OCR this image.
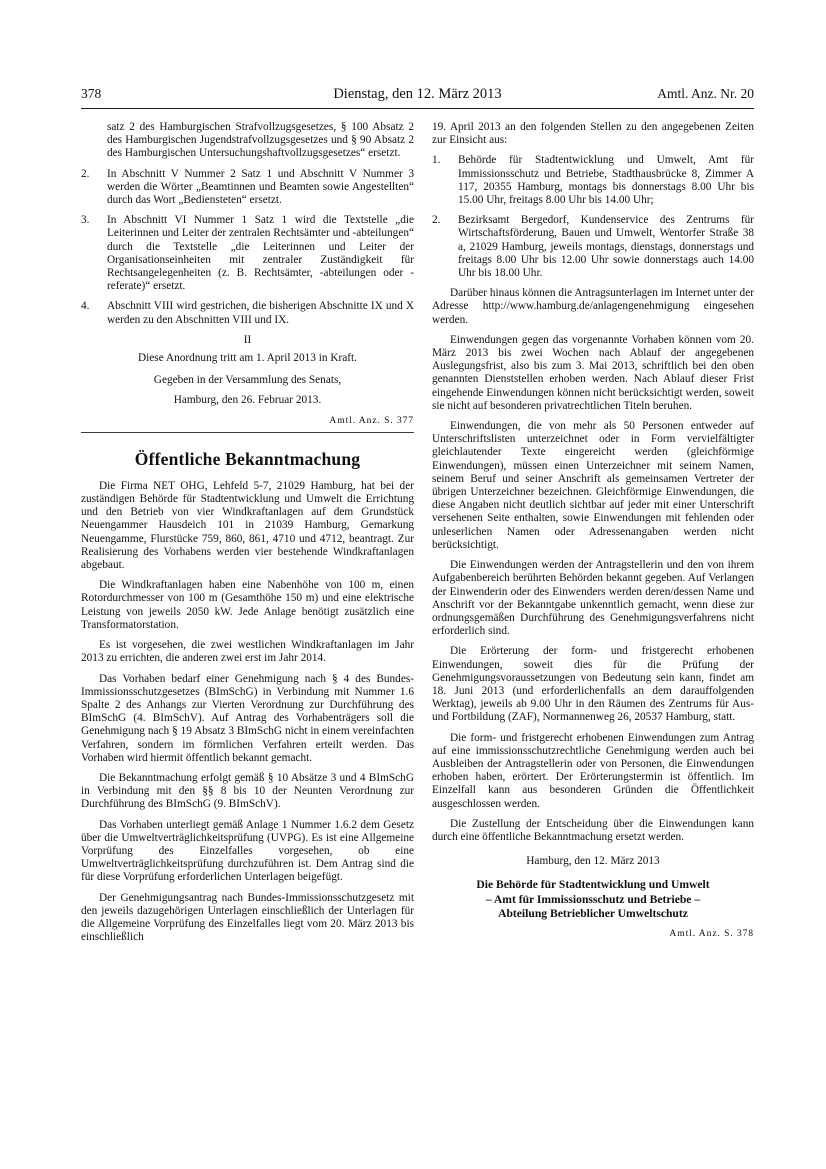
378	Dienstag, den 12. März 2013	Amtl. Anz. Nr. 20

satz 2 des Hamburgischen Strafvollzugsgesetzes, § 100 Absatz 2 des Hamburgischen Jugendstrafvollzugsgesetzes und § 90 Absatz 2 des Hamburgischen Untersuchungshaftvollzugsgesetzes“ ersetzt.

2. In Abschnitt V Nummer 2 Satz 1 und Abschnitt V Nummer 3 werden die Wörter „Beamtinnen und Beamten sowie Angestellten“ durch das Wort „Bediensteten“ ersetzt.
3. In Abschnitt VI Nummer 1 Satz 1 wird die Textstelle „die Leiterinnen und Leiter der zentralen Rechtsämter und -abteilungen“ durch die Textstelle „die Leiterinnen und Leiter der Organisationseinheiten mit zentraler Zuständigkeit für Rechtsangelegenheiten (z. B. Rechtsämter, -abteilungen oder -referate)“ ersetzt.
4. Abschnitt VIII wird gestrichen, die bisherigen Abschnitte IX und X werden zu den Abschnitten VIII und IX.

II

Diese Anordnung tritt am 1. April 2013 in Kraft.

Gegeben in der Versammlung des Senats,

Hamburg, den 26. Februar 2013.

Amtl. Anz. S. 377

Öffentliche Bekanntmachung

Die Firma NET OHG, Lehfeld 5-7, 21029 Hamburg, hat bei der zuständigen Behörde für Stadtentwicklung und Umwelt die Errichtung und den Betrieb von vier Windkraftanlagen auf dem Grundstück Neuengammer Hausdeich 101 in 21039 Hamburg, Gemarkung Neuengamme, Flurstücke 759, 860, 861, 4710 und 4712, beantragt. Zur Realisierung des Vorhabens werden vier bestehende Windkraftanlagen abgebaut.

Die Windkraftanlagen haben eine Nabenhöhe von 100 m, einen Rotordurchmesser von 100 m (Gesamthöhe 150 m) und eine elektrische Leistung von jeweils 2050 kW. Jede Anlage benötigt zusätzlich eine Transformatorstation.

Es ist vorgesehen, die zwei westlichen Windkraftanlagen im Jahr 2013 zu errichten, die anderen zwei erst im Jahr 2014.

Das Vorhaben bedarf einer Genehmigung nach § 4 des Bundes-Immissionsschutzgesetzes (BImSchG) in Verbindung mit Nummer 1.6 Spalte 2 des Anhangs zur Vierten Verordnung zur Durchführung des BImSchG (4. BImSchV). Auf Antrag des Vorhabenträgers soll die Genehmigung nach § 19 Absatz 3 BImSchG nicht in einem vereinfachten Verfahren, sondern im förmlichen Verfahren erteilt werden. Das Vorhaben wird hiermit öffentlich bekannt gemacht.

Die Bekanntmachung erfolgt gemäß § 10 Absätze 3 und 4 BImSchG in Verbindung mit den §§ 8 bis 10 der Neunten Verordnung zur Durchführung des BImSchG (9. BImSchV).

Das Vorhaben unterliegt gemäß Anlage 1 Nummer 1.6.2 dem Gesetz über die Umweltverträglichkeitsprüfung (UVPG). Es ist eine Allgemeine Vorprüfung des Einzelfalles vorgesehen, ob eine Umweltverträglichkeitsprüfung durchzuführen ist. Dem Antrag sind die für diese Vorprüfung erforderlichen Unterlagen beigefügt.

Der Genehmigungsantrag nach Bundes-Immissionsschutzgesetz mit den jeweils dazugehörigen Unterlagen einschließlich der Unterlagen für die Allgemeine Vorprüfung des Einzelfalles liegt vom 20. März 2013 bis einschließlich

19. April 2013 an den folgenden Stellen zu den angegebenen Zeiten zur Einsicht aus:

1. Behörde für Stadtentwicklung und Umwelt, Amt für Immissionsschutz und Betriebe, Stadthausbrücke 8, Zimmer A 117, 20355 Hamburg, montags bis donnerstags 8.00 Uhr bis 15.00 Uhr, freitags 8.00 Uhr bis 14.00 Uhr;
2. Bezirksamt Bergedorf, Kundenservice des Zentrums für Wirtschaftsförderung, Bauen und Umwelt, Wentorfer Straße 38 a, 21029 Hamburg, jeweils montags, dienstags, donnerstags und freitags 8.00 Uhr bis 12.00 Uhr sowie donnerstags auch 14.00 Uhr bis 18.00 Uhr.

Darüber hinaus können die Antragsunterlagen im Internet unter der Adresse http://www.hamburg.de/anlagengenehmigung eingesehen werden.

Einwendungen gegen das vorgenannte Vorhaben können vom 20. März 2013 bis zwei Wochen nach Ablauf der angegebenen Auslegungsfrist, also bis zum 3. Mai 2013, schriftlich bei den oben genannten Dienststellen erhoben werden. Nach Ablauf dieser Frist eingehende Einwendungen können nicht berücksichtigt werden, soweit sie nicht auf besonderen privatrechtlichen Titeln beruhen.

Einwendungen, die von mehr als 50 Personen entweder auf Unterschriftslisten unterzeichnet oder in Form vervielfältigter gleichlautender Texte eingereicht werden (gleichförmige Einwendungen), müssen einen Unterzeichner mit seinem Namen, seinem Beruf und seiner Anschrift als gemeinsamen Vertreter der übrigen Unterzeichner bezeichnen. Gleichförmige Einwendungen, die diese Angaben nicht deutlich sichtbar auf jeder mit einer Unterschrift versehenen Seite enthalten, sowie Einwendungen mit fehlenden oder unleserlichen Namen oder Adressenangaben werden nicht berücksichtigt.

Die Einwendungen werden der Antragstellerin und den von ihrem Aufgabenbereich berührten Behörden bekannt gegeben. Auf Verlangen der Einwenderin oder des Einwenders werden deren/dessen Name und Anschrift vor der Bekanntgabe unkenntlich gemacht, wenn diese zur ordnungsgemäßen Durchführung des Genehmigungsverfahrens nicht erforderlich sind.

Die Erörterung der form- und fristgerecht erhobenen Einwendungen, soweit dies für die Prüfung der Genehmigungsvoraussetzungen von Bedeutung sein kann, findet am 18. Juni 2013 (und erforderlichenfalls an dem darauffolgenden Werktag), jeweils ab 9.00 Uhr in den Räumen des Zentrums für Aus- und Fortbildung (ZAF), Normannenweg 26, 20537 Hamburg, statt.

Die form- und fristgerecht erhobenen Einwendungen zum Antrag auf eine immissionsschutzrechtliche Genehmigung werden auch bei Ausbleiben der Antragstellerin oder von Personen, die Einwendungen erhoben haben, erörtert. Der Erörterungstermin ist öffentlich. Im Einzelfall kann aus besonderen Gründen die Öffentlichkeit ausgeschlossen werden.

Die Zustellung der Entscheidung über die Einwendungen kann durch eine öffentliche Bekanntmachung ersetzt werden.

Hamburg, den 12. März 2013

Die Behörde für Stadtentwicklung und Umwelt

– Amt für Immissionsschutz und Betriebe –

Abteilung Betrieblicher Umweltschutz

Amtl. Anz. S. 378
